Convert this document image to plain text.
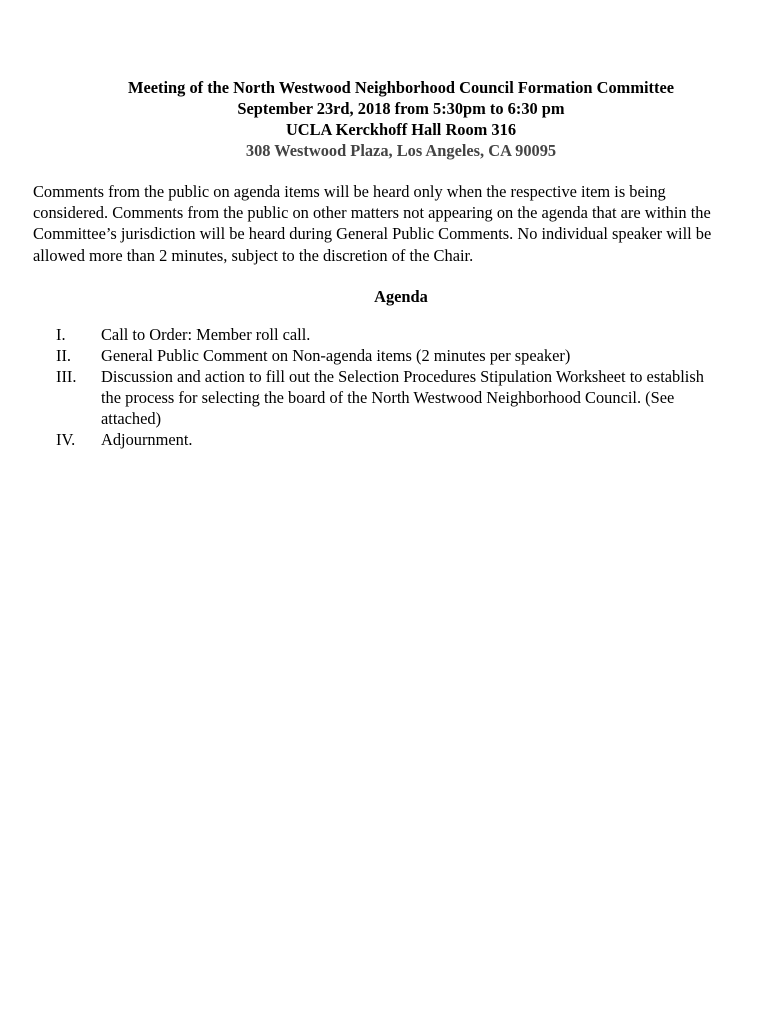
Meeting of the North Westwood Neighborhood Council Formation Committee
September 23rd, 2018 from 5:30pm to 6:30 pm
UCLA Kerckhoff Hall Room 316
308 Westwood Plaza, Los Angeles, CA 90095

Comments from the public on agenda items will be heard only when the respective item is being
considered. Comments from the public on other matters not appearing on the agenda that are within the
Committee’s jurisdiction will be heard during General Public Comments. No individual speaker will be
allowed more than 2 minutes, subject to the discretion of the Chair.

Agenda
I. Call to Order: Member roll call.
II. General Public Comment on Non-agenda items (2 minutes per speaker)
III. Discussion and action to fill out the Selection Procedures Stipulation Worksheet to establish
the process for selecting the board of the North Westwood Neighborhood Council. (See
attached)
IV. Adjournment.
